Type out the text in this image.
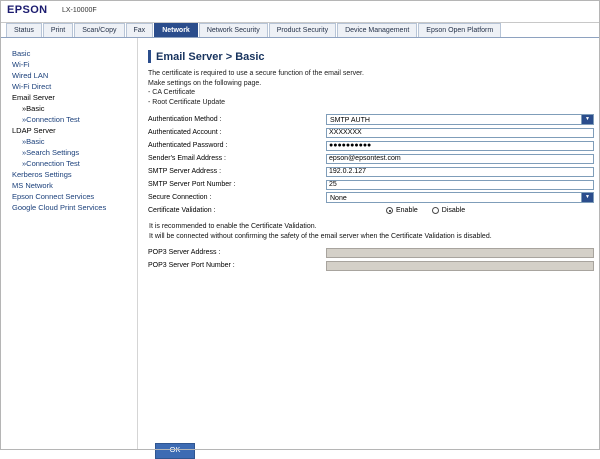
EPSON LX-10000F
Status Print Scan/Copy Fax Network Network Security Product Security Device Management Epson Open Platform
Basic
Wi-Fi
Wired LAN
Wi-Fi Direct
Email Server
»Basic
»Connection Test
LDAP Server
»Basic
»Search Settings
»Connection Test
Kerberos Settings
MS Network
Epson Connect Services
Google Cloud Print Services
Email Server > Basic
The certificate is required to use a secure function of the email server.
Make settings on the following page.
- CA Certificate
- Root Certificate Update
Authentication Method :	SMTP AUTH ▼

Authenticated Account :	XXXXXXX
Authenticated Password :	●●●●●●●●●●
Sender's Email Address :	epson@epsontest.com
SMTP Server Address :	192.0.2.127
SMTP Server Port Number :	25
Secure Connection :	None ▼

Certificate Validation :	Enable Disable
It is recommended to enable the Certificate Validation.
It will be connected without confirming the safety of the email server when the Certificate Validation is disabled.
POP3 Server Address :	
POP3 Server Port Number :	
OK
